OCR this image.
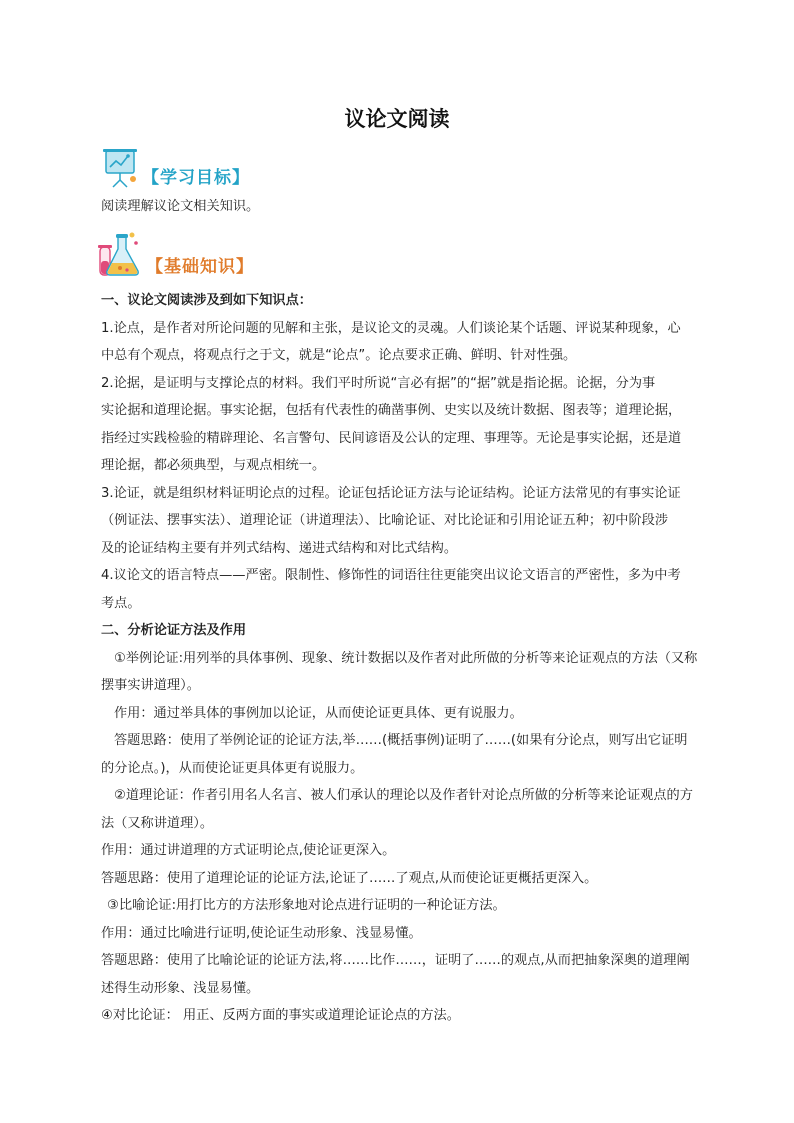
议论文阅读
【学习目标】
阅读理解议论文相关知识。
【基础知识】
一、议论文阅读涉及到如下知识点：
1.论点，是作者对所论问题的见解和主张，是议论文的灵魂。人们谈论某个话题、评说某种现象，心
中总有个观点，将观点行之于文，就是“论点”。论点要求正确、鲜明、针对性强。
2.论据，是证明与支撑论点的材料。我们平时所说“言必有据”的“据”就是指论据。论据，分为事
实论据和道理论据。事实论据，包括有代表性的确凿事例、史实以及统计数据、图表等；道理论据，
指经过实践检验的精辟理论、名言警句、民间谚语及公认的定理、事理等。无论是事实论据，还是道
理论据，都必须典型，与观点相统一。
3.论证，就是组织材料证明论点的过程。论证包括论证方法与论证结构。论证方法常见的有事实论证
（例证法、摆事实法）、道理论证（讲道理法）、比喻论证、对比论证和引用论证五种；初中阶段涉
及的论证结构主要有并列式结构、递进式结构和对比式结构。
4.议论文的语言特点——严密。限制性、修饰性的词语往往更能突出议论文语言的严密性，多为中考
考点。
二、分析论证方法及作用
①举例论证:用列举的具体事例、现象、统计数据以及作者对此所做的分析等来论证观点的方法（又称
摆事实讲道理）。
作用：通过举具体的事例加以论证，从而使论证更具体、更有说服力。
答题思路：使用了举例论证的论证方法,举……(概括事例)证明了……(如果有分论点，则写出它证明
的分论点。)，从而使论证更具体更有说服力。
②道理论证：作者引用名人名言、被人们承认的理论以及作者针对论点所做的分析等来论证观点的方
法（又称讲道理）。
作用：通过讲道理的方式证明论点,使论证更深入。
答题思路：使用了道理论证的论证方法,论证了……了观点,从而使论证更概括更深入。
③比喻论证:用打比方的方法形象地对论点进行证明的一种论证方法。
作用：通过比喻进行证明,使论证生动形象、浅显易懂。
答题思路：使用了比喻论证的论证方法,将……比作……，证明了……的观点,从而把抽象深奥的道理阐
述得生动形象、浅显易懂。
④对比论证： 用正、反两方面的事实或道理论证论点的方法。
